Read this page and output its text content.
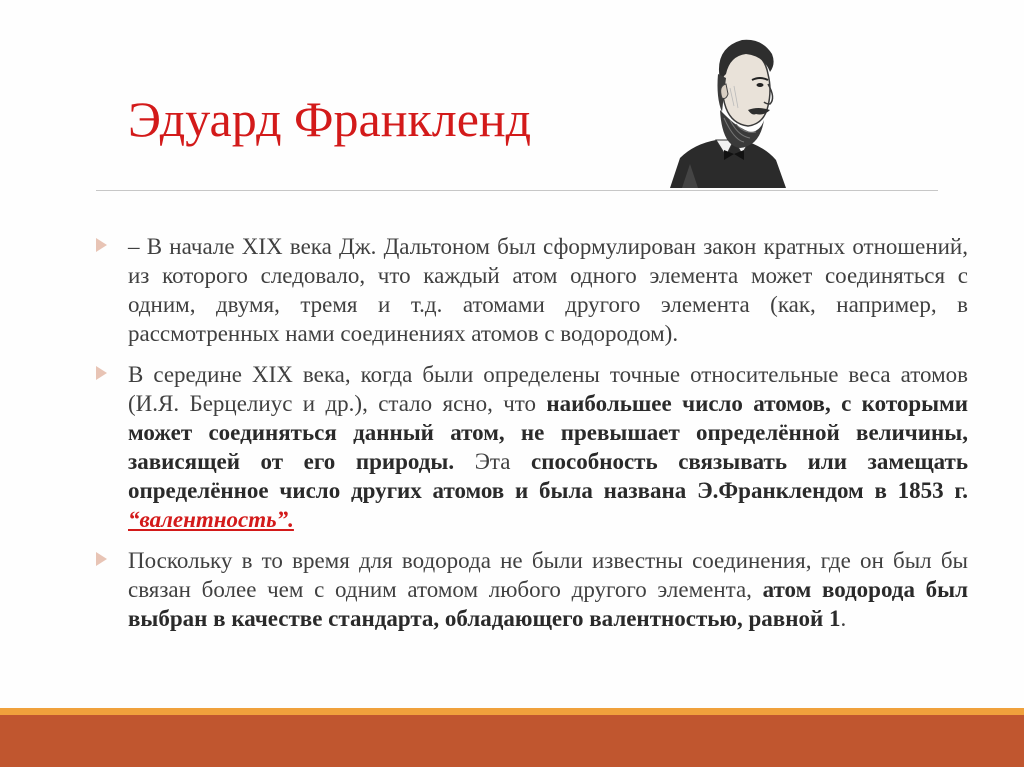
Эдуард Франкленд
– В начале XIX века Дж. Дальтоном был сформулирован закон кратных отношений, из которого следовало, что каждый атом одного элемента может соединяться с одним, двумя, тремя и т.д. атомами другого элемента (как, например, в рассмотренных нами соединениях атомов с водородом).
В середине XIX века, когда были определены точные относительные веса атомов (И.Я. Берцелиус и др.), стало ясно, что наибольшее число атомов, с которыми может соединяться данный атом, не превышает определённой величины, зависящей от его природы. Эта способность связывать или замещать определённое число других атомов и была названа Э.Франклендом в 1853 г. “валентность”.
Поскольку в то время для водорода не были известны соединения, где он был бы связан более чем с одним атомом любого другого элемента, атом водорода был выбран в качестве стандарта, обладающего валентностью, равной 1.
